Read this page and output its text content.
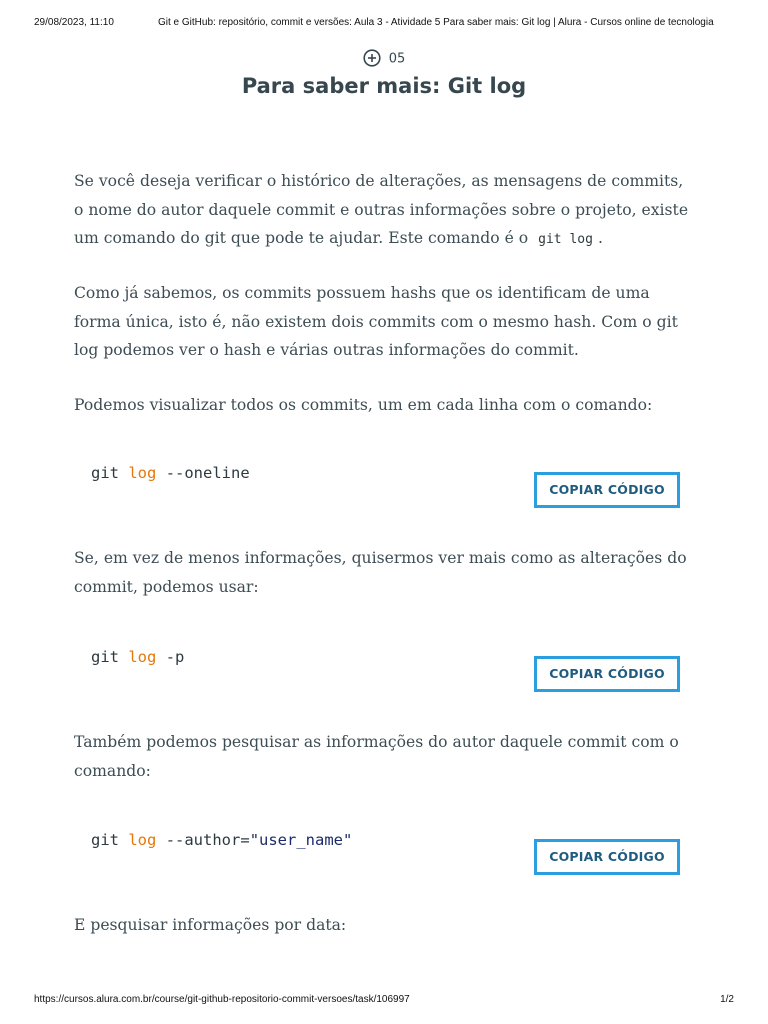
29/08/2023, 11:10	Git e GitHub: repositório, commit e versões: Aula 3 - Atividade 5 Para saber mais: Git log | Alura - Cursos online de tecnologia
05
Para saber mais: Git log

Se você deseja verificar o histórico de alterações, as mensagens de commits, o nome do autor daquele commit e outras informações sobre o projeto, existe um comando do git que pode te ajudar. Este comando é o git log .

Como já sabemos, os commits possuem hashs que os identificam de uma forma única, isto é, não existem dois commits com o mesmo hash. Com o git log podemos ver o hash e várias outras informações do commit.

Podemos visualizar todos os commits, um em cada linha com o comando:

git log --oneline
COPIAR CÓDIGO

Se, em vez de menos informações, quisermos ver mais como as alterações do commit, podemos usar:

git log -p
COPIAR CÓDIGO

Também podemos pesquisar as informações do autor daquele commit com o comando:

git log --author="user_name"
COPIAR CÓDIGO

E pesquisar informações por data:

https://cursos.alura.com.br/course/git-github-repositorio-commit-versoes/task/106997	1/2
